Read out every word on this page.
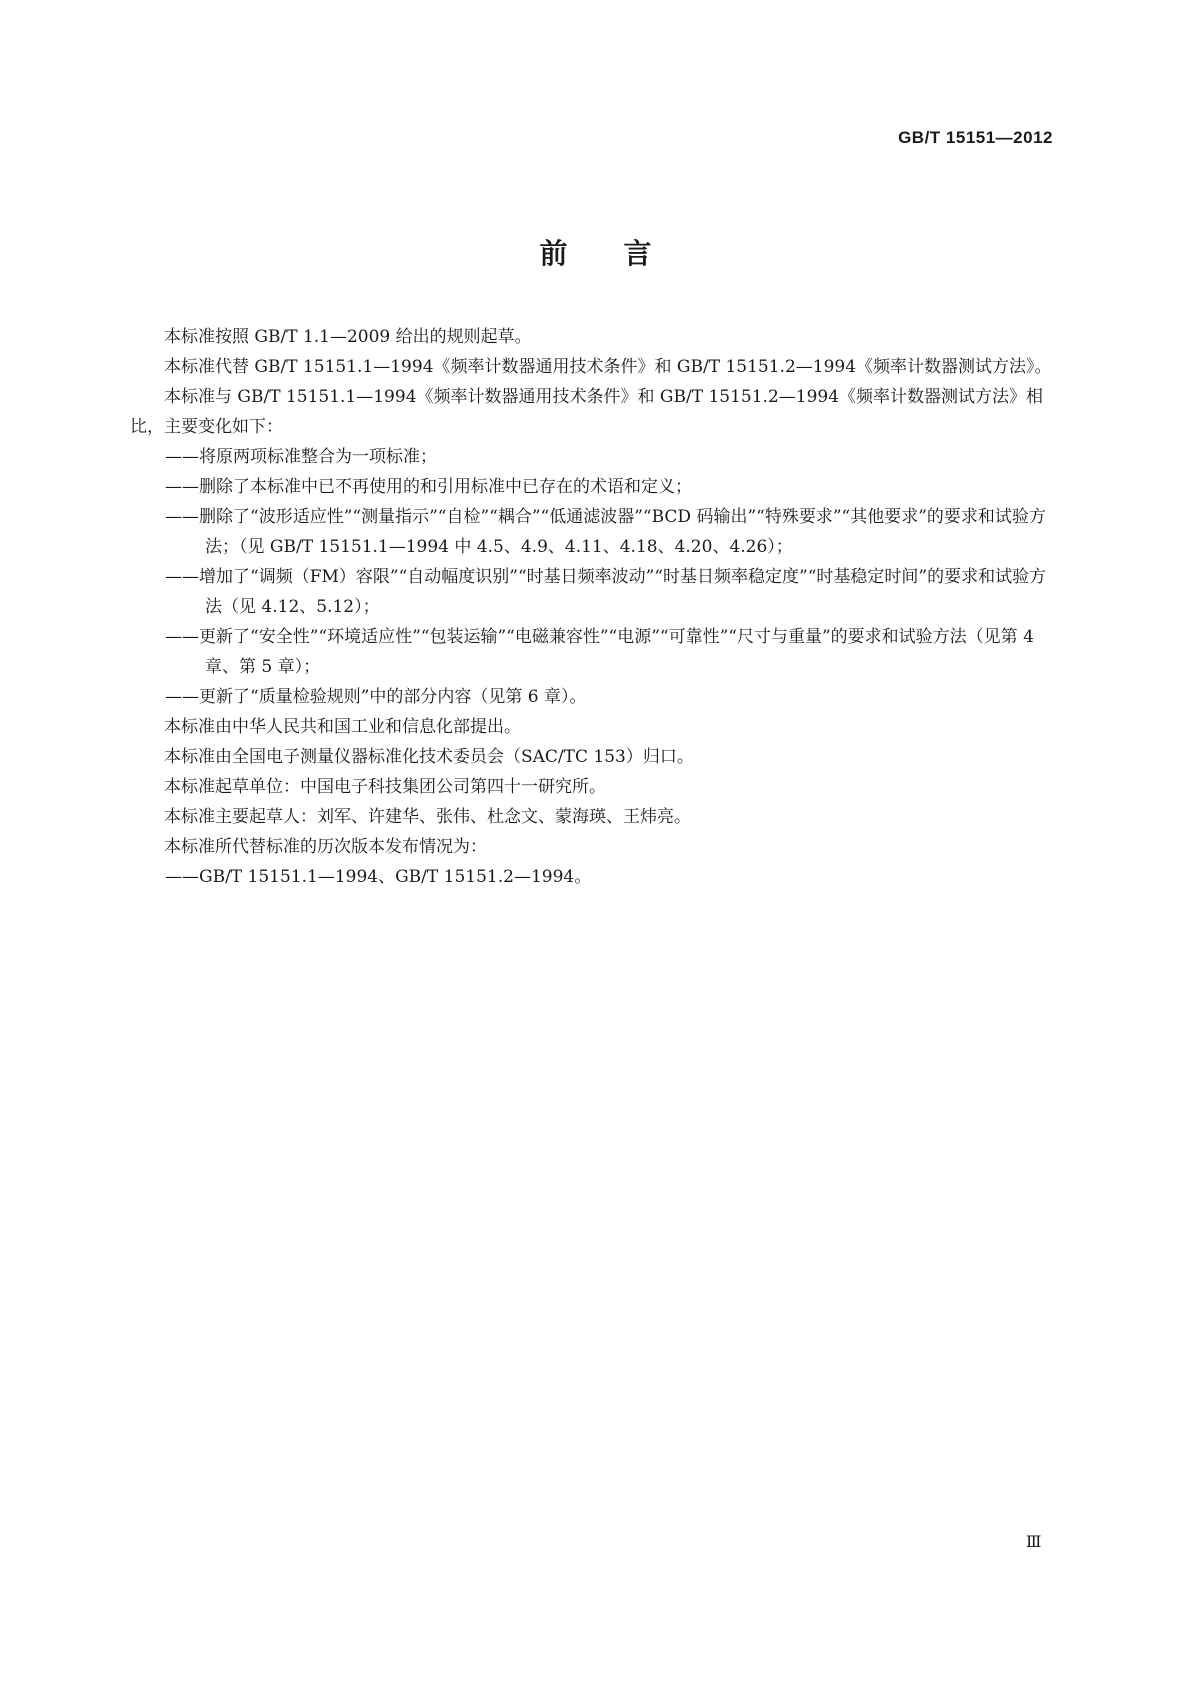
GB/T 15151—2012
前言

本标准按照 GB/T 1.1—2009 给出的规则起草。

本标准代替 GB/T 15151.1—1994《频率计数器通用技术条件》和 GB/T 15151.2—1994《频率计数器测试方法》。

本标准与 GB/T 15151.1—1994《频率计数器通用技术条件》和 GB/T 15151.2—1994《频率计数器测试方法》相比，主要变化如下：

——将原两项标准整合为一项标准；

——删除了本标准中已不再使用的和引用标准中已存在的术语和定义；

——删除了“波形适应性”“测量指示”“自检”“耦合”“低通滤波器”“BCD 码输出”“特殊要求”“其他要求”的要求和试验方法；（见 GB/T 15151.1—1994 中 4.5、4.9、4.11、4.18、4.20、4.26）；

——增加了“调频（FM）容限”“自动幅度识别”“时基日频率波动”“时基日频率稳定度”“时基稳定时间”的要求和试验方法（见 4.12、5.12）；

——更新了“安全性”“环境适应性”“包装运输”“电磁兼容性”“电源”“可靠性”“尺寸与重量”的要求和试验方法（见第 4 章、第 5 章）；

——更新了“质量检验规则”中的部分内容（见第 6 章）。

本标准由中华人民共和国工业和信息化部提出。

本标准由全国电子测量仪器标准化技术委员会（SAC/TC 153）归口。

本标准起草单位：中国电子科技集团公司第四十一研究所。

本标准主要起草人：刘军、许建华、张伟、杜念文、蒙海瑛、王炜亮。

本标准所代替标准的历次版本发布情况为：

——GB/T 15151.1—1994、GB/T 15151.2—1994。

Ⅲ
